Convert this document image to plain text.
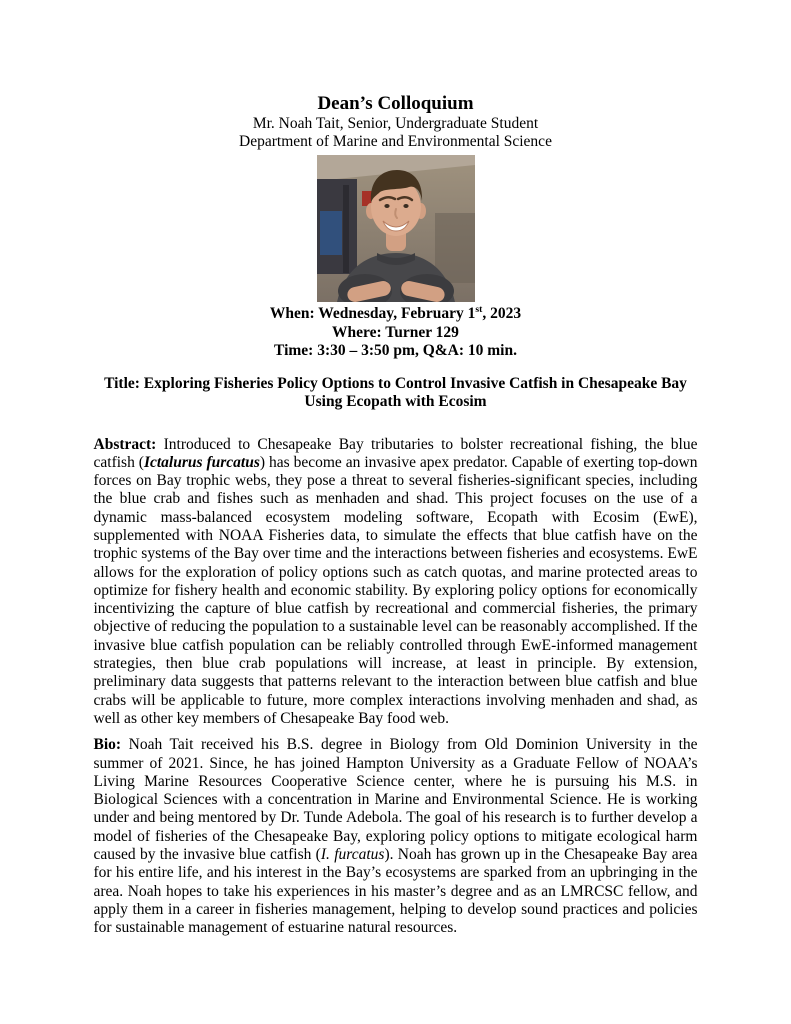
Dean’s Colloquium
Mr. Noah Tait, Senior, Undergraduate Student
Department of Marine and Environmental Science
When: Wednesday, February 1st, 2023
Where: Turner 129
Time: 3:30 – 3:50 pm, Q&A: 10 min.
Title: Exploring Fisheries Policy Options to Control Invasive Catfish in Chesapeake Bay
Using Ecopath with Ecosim

Abstract: Introduced to Chesapeake Bay tributaries to bolster recreational fishing, the blue catfish (Ictalurus furcatus) has become an invasive apex predator. Capable of exerting top-down forces on Bay trophic webs, they pose a threat to several fisheries-significant species, including the blue crab and fishes such as menhaden and shad. This project focuses on the use of a dynamic mass-balanced ecosystem modeling software, Ecopath with Ecosim (EwE), supplemented with NOAA Fisheries data, to simulate the effects that blue catfish have on the trophic systems of the Bay over time and the interactions between fisheries and ecosystems. EwE allows for the exploration of policy options such as catch quotas, and marine protected areas to optimize for fishery health and economic stability. By exploring policy options for economically incentivizing the capture of blue catfish by recreational and commercial fisheries, the primary objective of reducing the population to a sustainable level can be reasonably accomplished. If the invasive blue catfish population can be reliably controlled through EwE-informed management strategies, then blue crab populations will increase, at least in principle. By extension, preliminary data suggests that patterns relevant to the interaction between blue catfish and blue crabs will be applicable to future, more complex interactions involving menhaden and shad, as well as other key members of Chesapeake Bay food web.

Bio: Noah Tait received his B.S. degree in Biology from Old Dominion University in the summer of 2021. Since, he has joined Hampton University as a Graduate Fellow of NOAA’s Living Marine Resources Cooperative Science center, where he is pursuing his M.S. in Biological Sciences with a concentration in Marine and Environmental Science. He is working under and being mentored by Dr. Tunde Adebola. The goal of his research is to further develop a model of fisheries of the Chesapeake Bay, exploring policy options to mitigate ecological harm caused by the invasive blue catfish (I. furcatus). Noah has grown up in the Chesapeake Bay area for his entire life, and his interest in the Bay’s ecosystems are sparked from an upbringing in the area. Noah hopes to take his experiences in his master’s degree and as an LMRCSC fellow, and apply them in a career in fisheries management, helping to develop sound practices and policies for sustainable management of estuarine natural resources.
